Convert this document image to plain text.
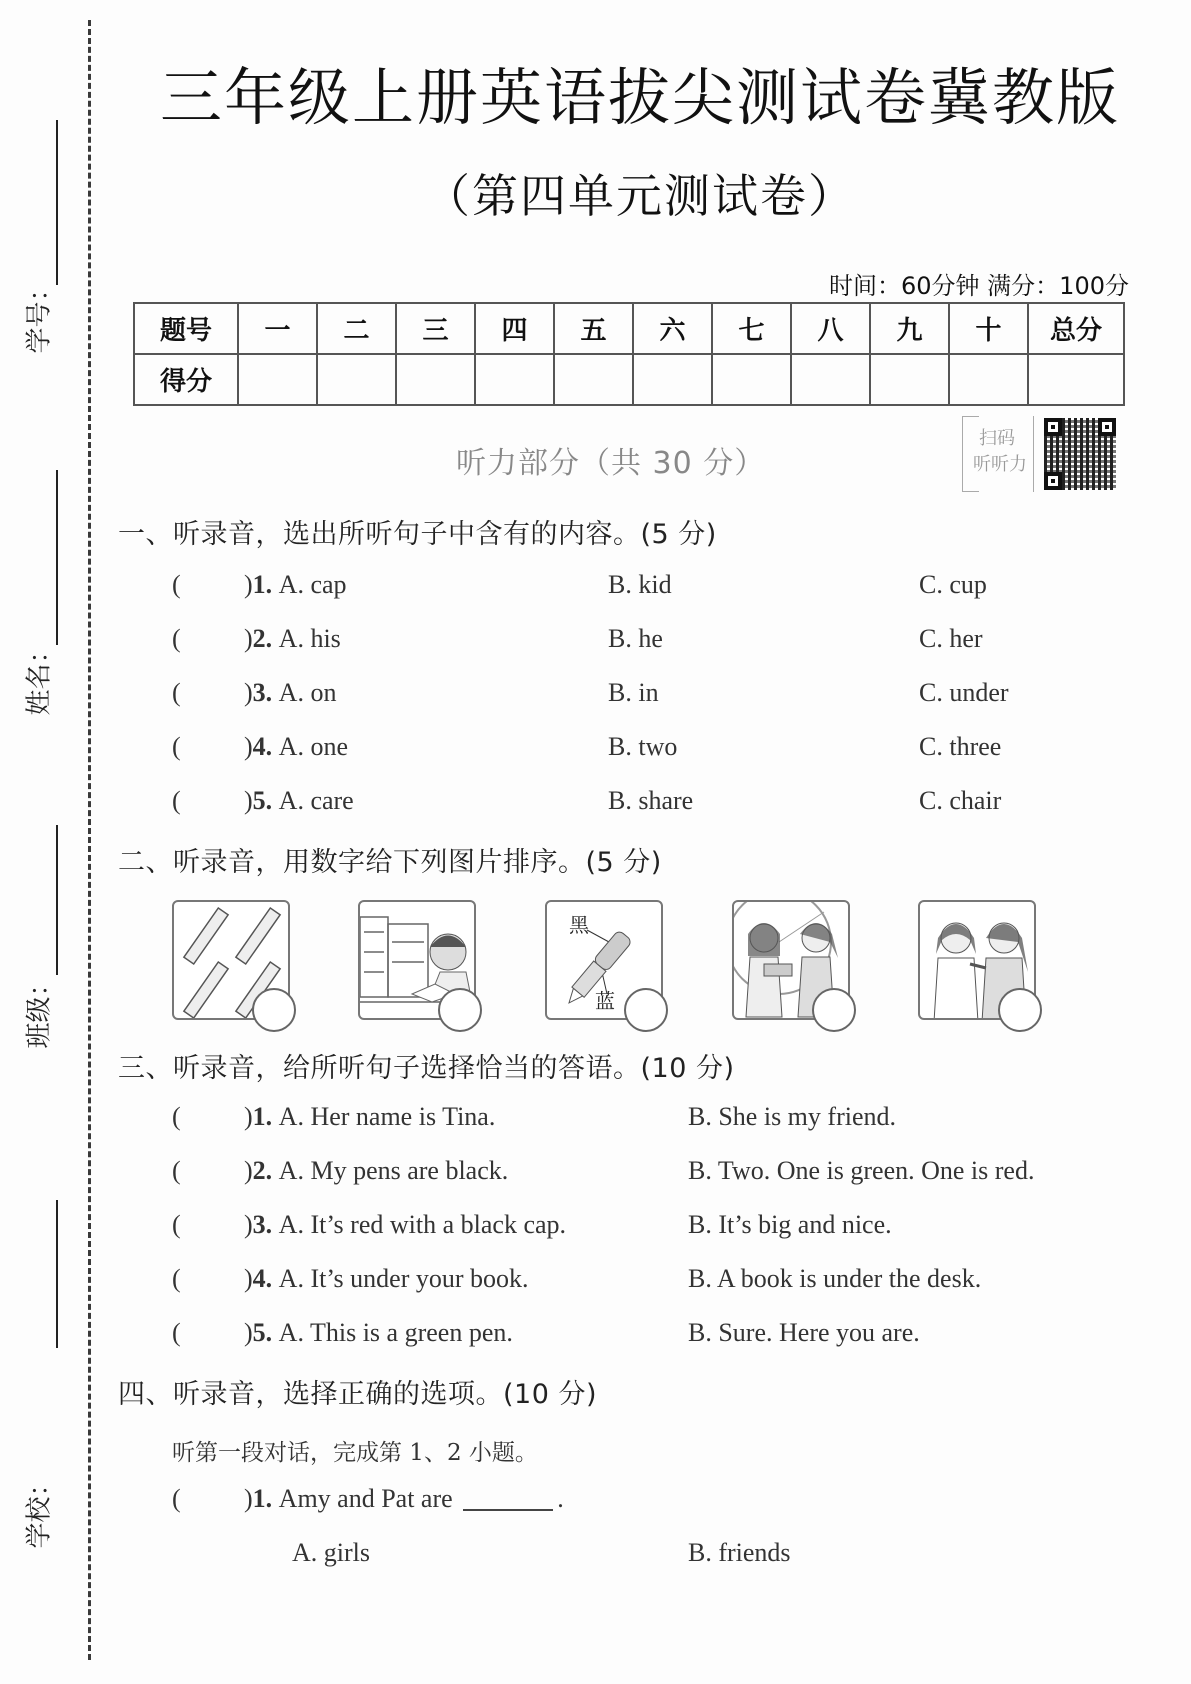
学号：
姓名：
班级：
学校：
三年级上册英语拔尖测试卷冀教版
（第四单元测试卷）
时间：60分钟 满分：100分
题号	一	二	三	四	五	六	七	八	九	十	总分
得分											
听力部分（共 30 分）
扫码
听听力
一、听录音，选出所听句子中含有的内容。(5 分)
( )1. A. cap	B. kid	C. cup
( )2. A. his	B. he	C. her
( )3. A. on	B. in	C. under
( )4. A. one	B. two	C. three
( )5. A. care	B. share	C. chair
二、听录音，用数字给下列图片排序。(5 分)
黑
蓝
三、听录音，给所听句子选择恰当的答语。(10 分)
( )1. A. Her name is Tina.	B. She is my friend.
( )2. A. My pens are black.	B. Two. One is green. One is red.
( )3. A. It’s red with a black cap.	B. It’s big and nice.
( )4. A. It’s under your book.	B. A book is under the desk.
( )5. A. This is a green pen.	B. Sure. Here you are.
四、听录音，选择正确的选项。(10 分)
听第一段对话，完成第 1、2 小题。
( )1. Amy and Pat are	.
A. girls	B. friends
